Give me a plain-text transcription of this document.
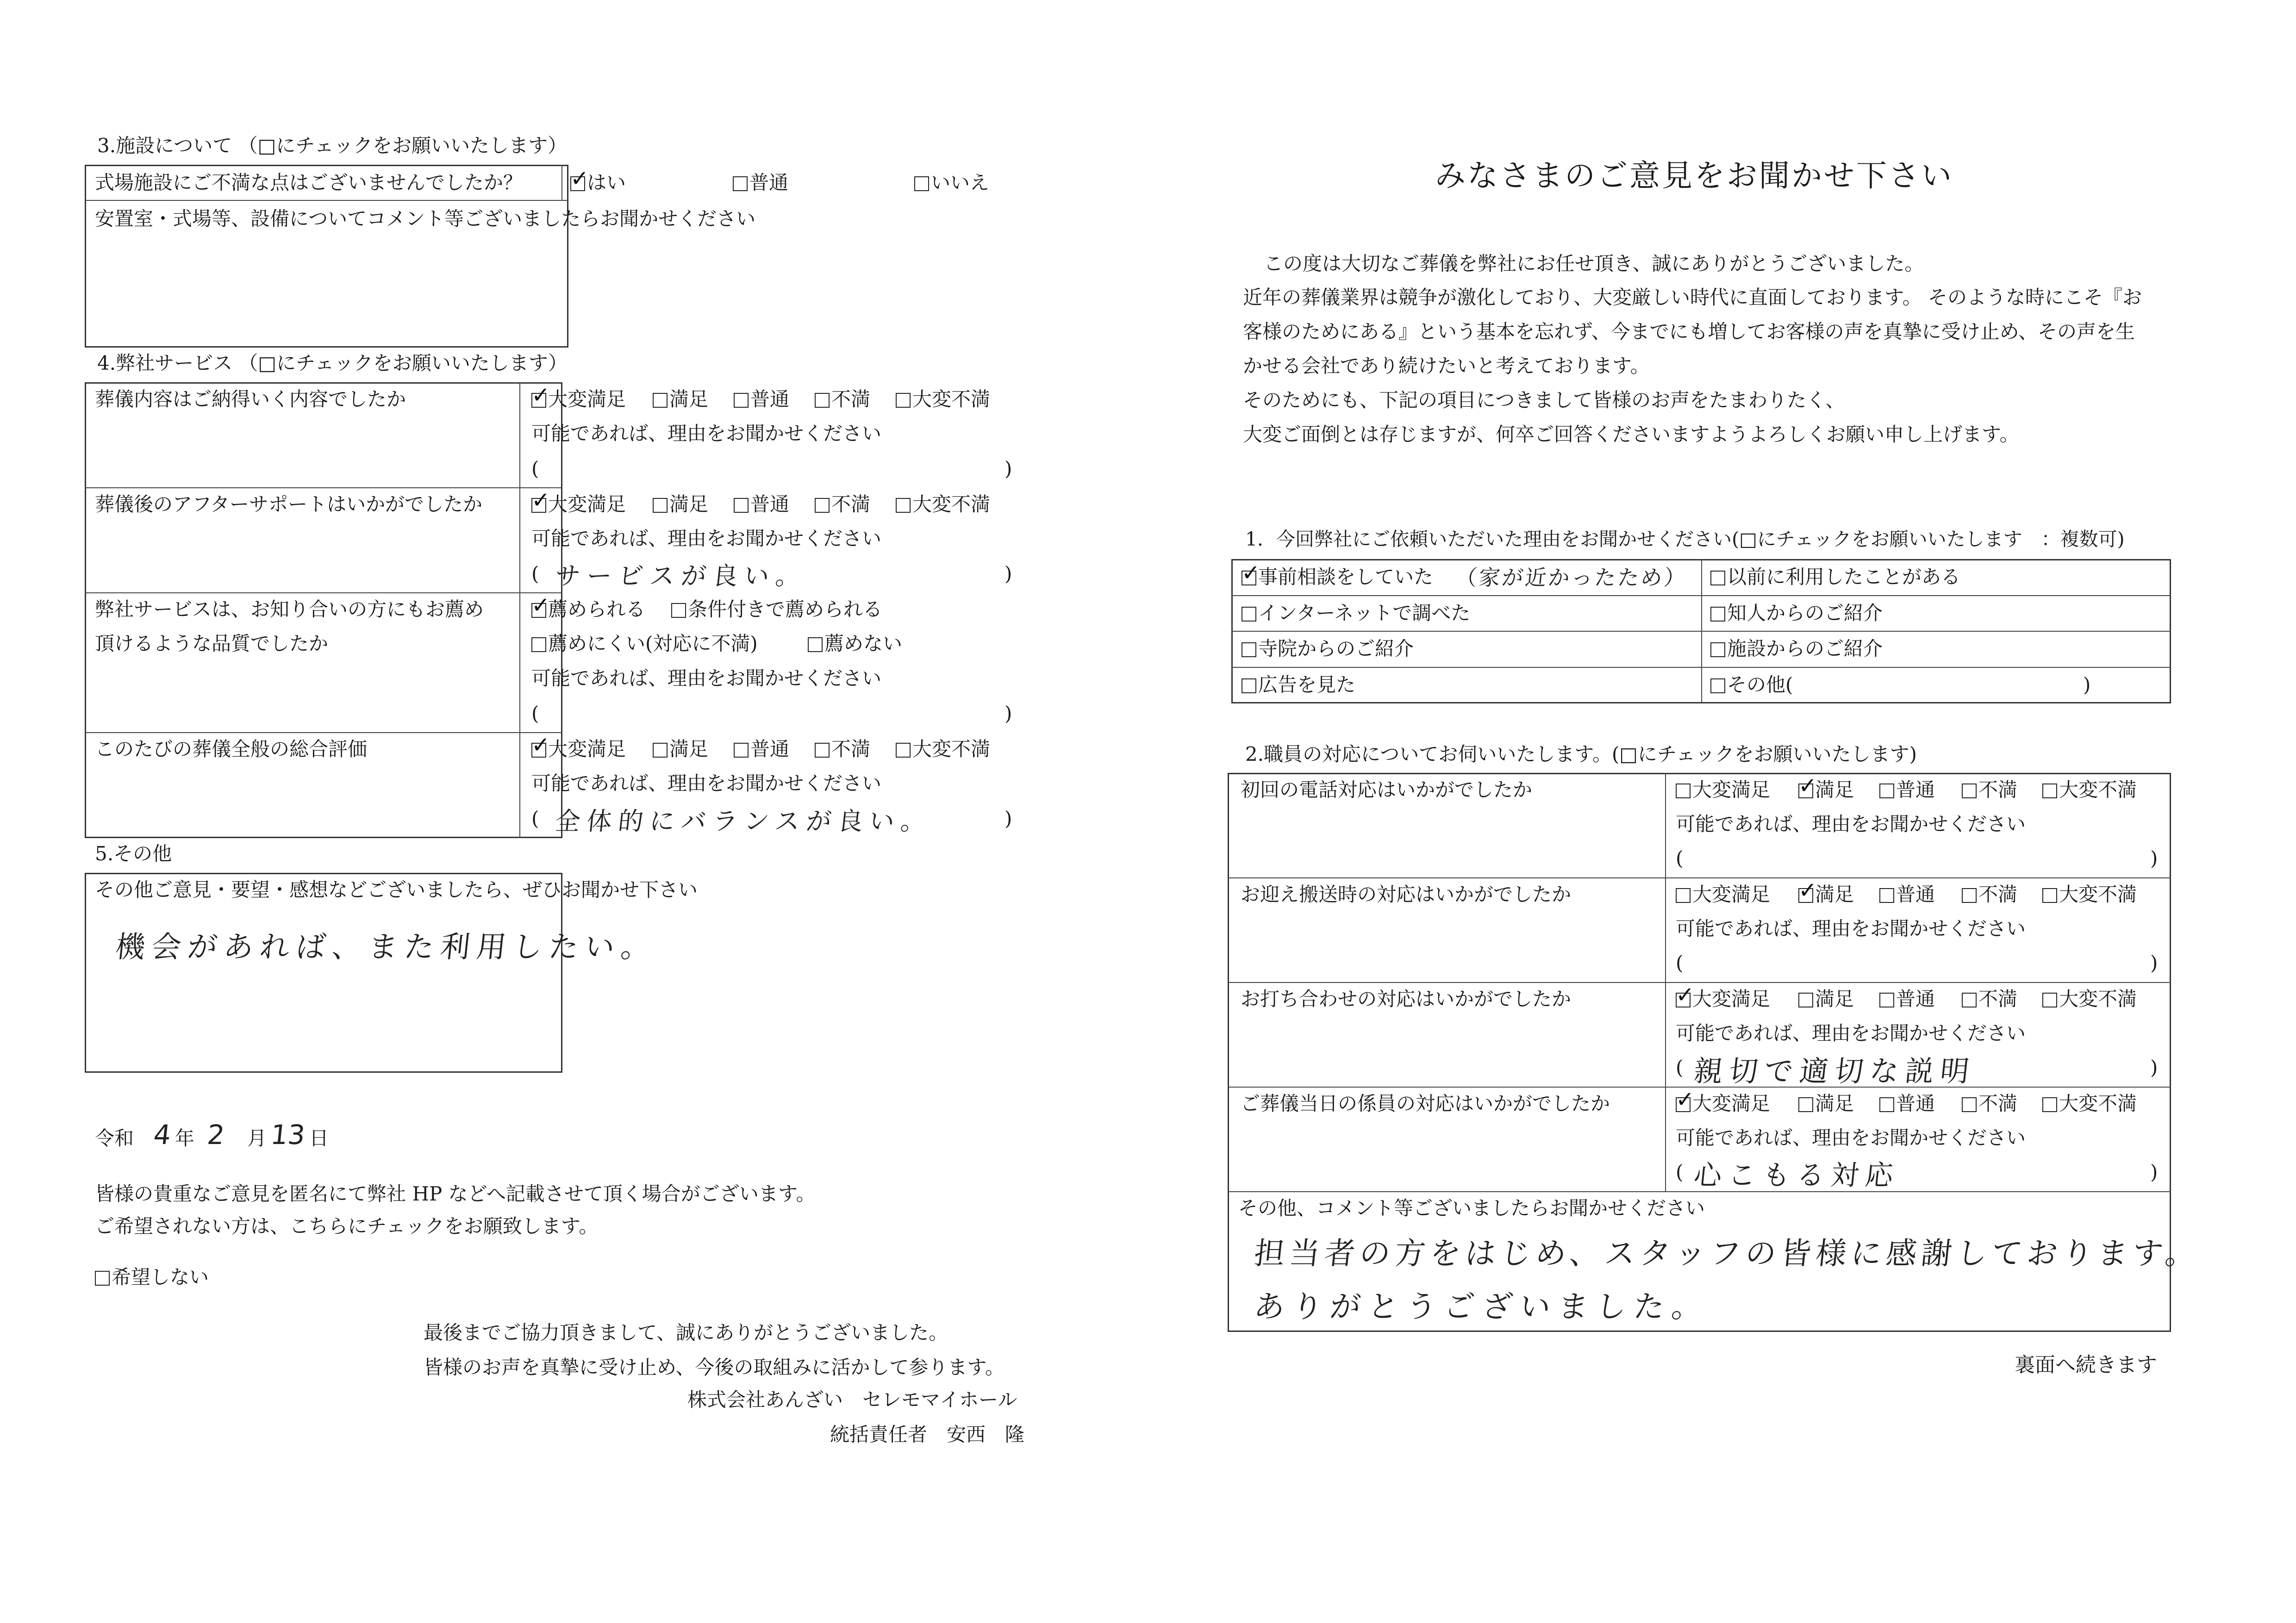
3.施設について （□にチェックをお願いいたします）
式場施設にご不満な点はございませんでしたか？ ✓	はい	普通	いいえ
安置室・式場等、設備についてコメント等ございましたらお聞かせください
4.弊社サービス （□にチェックをお願いいたします）
葬儀内容はご納得いく内容でしたか ✓	大変満足	満足	普通	不満	大変不満
可能であれば、理由をお聞かせください
(	)
葬儀後のアフターサポートはいかがでしたか ✓	大変満足	満足	普通	不満	大変不満
可能であれば、理由をお聞かせください
(	)
サービスが良い。
弊社サービスは、お知り合いの方にもお薦め
頂けるような品質でしたか
✓薦められる	条件付きで薦められる
薦めにくい(対応に不満)	薦めない
可能であれば、理由をお聞かせください
(	)
このたびの葬儀全般の総合評価 ✓	大変満足	満足	普通	不満	大変不満
可能であれば、理由をお聞かせください
(	)
全体的にバランスが良い。
5.その他
その他ご意見・要望・感想などございましたら、ぜひお聞かせ下さい
機会があれば、また利用したい。
令和 4
年 2 月 13 日
皆様の貴重なご意見を匿名にて弊社 HP などへ記載させて頂く場合がございます。
ご希望されない方は、こちらにチェックをお願致します。
希望しない
最後までご協力頂きまして、誠にありがとうございました。
皆様のお声を真摯に受け止め、今後の取組みに活かして参ります。
株式会社あんざい　セレモマイホール
統括責任者　安西　隆
みなさまのご意見をお聞かせ下さい
この度は大切なご葬儀を弊社にお任せ頂き、誠にありがとうございました。
近年の葬儀業界は競争が激化しており、大変厳しい時代に直面しております。 そのような時にこそ『お
客様のためにある』という基本を忘れず、今までにも増してお客様の声を真摯に受け止め、その声を生
かせる会社であり続けたいと考えております。
そのためにも、下記の項目につきまして皆様のお声をたまわりたく、
大変ご面倒とは存じますが、何卒ご回答くださいますようよろしくお願い申し上げます。
1．今回弊社にご依頼いただいた理由をお聞かせください(□にチェックをお願いいたします　：複数可)
✓事前相談をしていた （家が近かったため）	以前に利用したことがある
インターネットで調べた	知人からのご紹介
寺院からのご紹介	施設からのご紹介
広告を見た	その他(	)
2.職員の対応についてお伺いいたします。(□にチェックをお願いいたします)
初回の電話対応はいかがでしたか	大変満足 ✓	満足	普通	不満	大変不満
可能であれば、理由をお聞かせください
(	)
お迎え搬送時の対応はいかがでしたか	大変満足 ✓	満足	普通	不満	大変不満
可能であれば、理由をお聞かせください
(	)
お打ち合わせの対応はいかがでしたか ✓	大変満足	満足	普通	不満	大変不満
可能であれば、理由をお聞かせください
(	)
親切で適切な説明
ご葬儀当日の係員の対応はいかがでしたか ✓	大変満足	満足	普通	不満	大変不満
可能であれば、理由をお聞かせください
(	)
心こもる対応
その他、コメント等ございましたらお聞かせください
担当者の方をはじめ、スタッフの皆様に感謝しております。
ありがとうございました。
裏面へ続きます
